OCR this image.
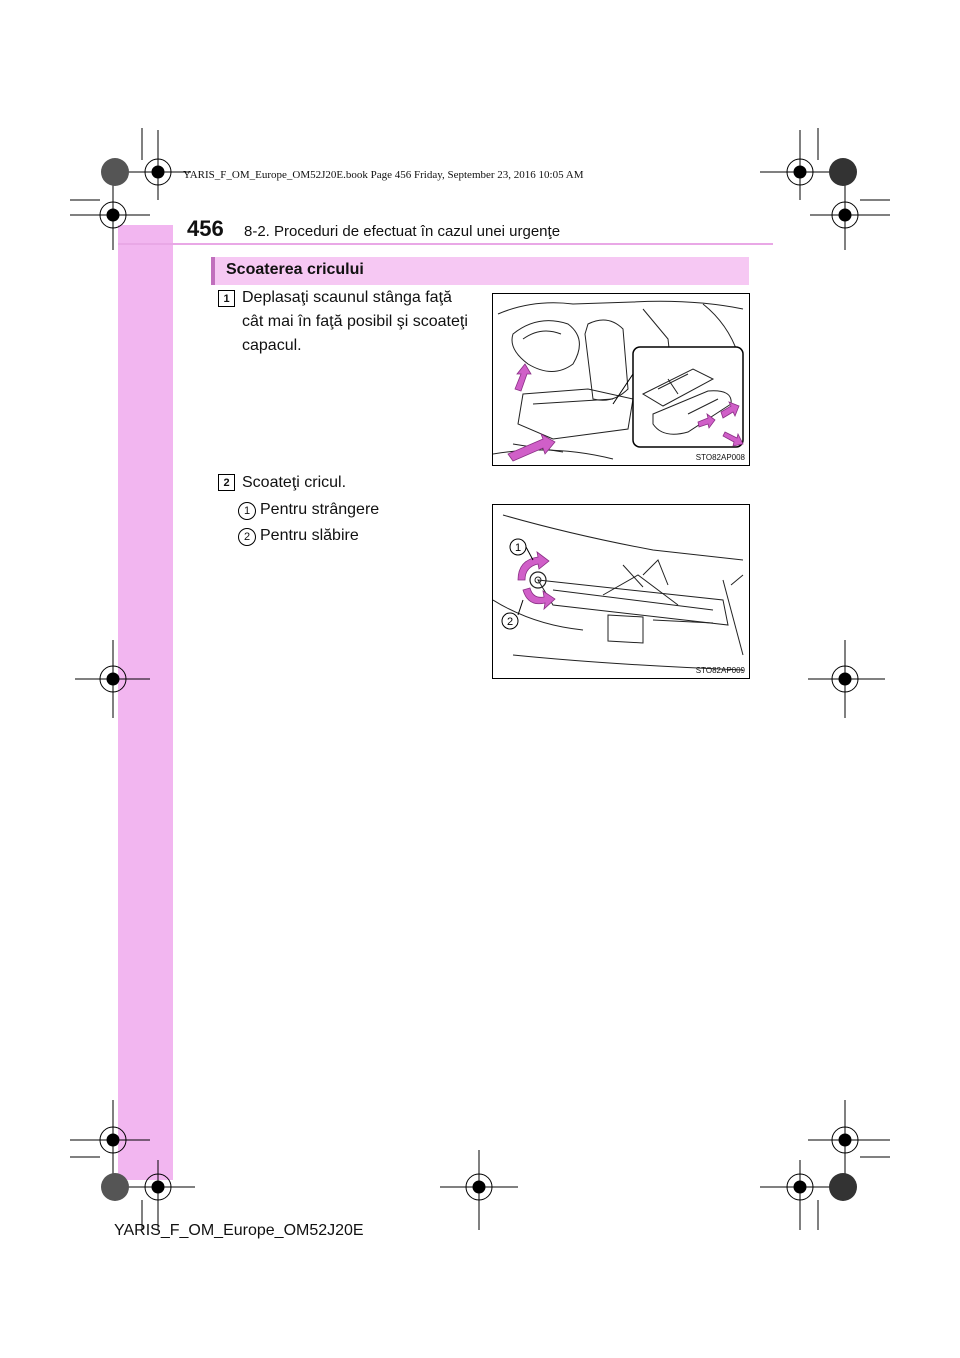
YARIS_F_OM_Europe_OM52J20E.book Page 456 Friday, September 23, 2016 10:05 AM
456 8-2. Proceduri de efectuat în cazul unei urgenţe
Scoaterea cricului
1 Deplasaţi scaunul stânga faţă
cât mai în faţă posibil şi scoateţi
capacul.
STO82AP008
2 Scoateţi cricul.
1 Pentru strângere
2 Pentru slăbire
1
2
STO82AP009
YARIS_F_OM_Europe_OM52J20E
